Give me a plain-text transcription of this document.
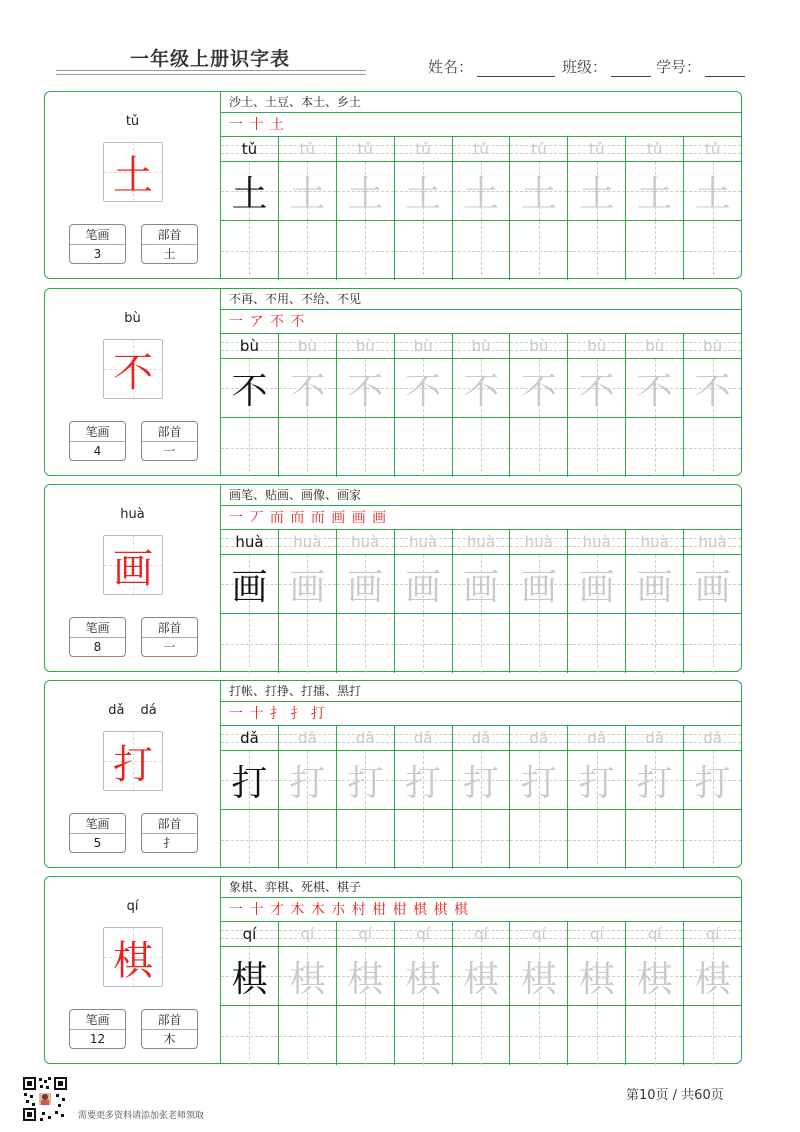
一年级上册识字表	姓名：	班级：	学号：
tǔ
土
笔画
3
部首
土
沙土、土豆、本土、乡土
一 十 土
tǔ	tǔ	tǔ	tǔ	tǔ	tǔ	tǔ	tǔ	tǔ
土 土 土 土 土 土 土 土 土
bù
不
笔画
4
部首
一
不再、不用、不给、不见
一 ア 不 不
bù	bù	bù	bù	bù	bù	bù	bù	bù
不 不 不 不 不 不 不 不 不
huà
画
笔画
8
部首
一
画笔、贴画、画像、画家
一 丆 而 而 而 画 画 画
huà	huà	huà	huà	huà	huà	huà	huà	huà
画 画 画 画 画 画 画 画 画
dǎ dá
打
笔画
5
部首
扌
打帐、打挣、打擂、黑打
一 十 扌 扌 打
dǎ	dǎ	dǎ	dǎ	dǎ	dǎ	dǎ	dǎ	dǎ
打 打 打 打 打 打 打 打 打
qí
棋
笔画
12
部首
木
象棋、弈棋、死棋、棋子
一 十 才 木 木 朩 村 柑 柑 棋 棋 棋
qí	qí	qí	qí	qí	qí	qí	qí	qí
棋 棋 棋 棋 棋 棋 棋 棋 棋
需要更多资料请添加张老师领取
第10页 / 共60页
